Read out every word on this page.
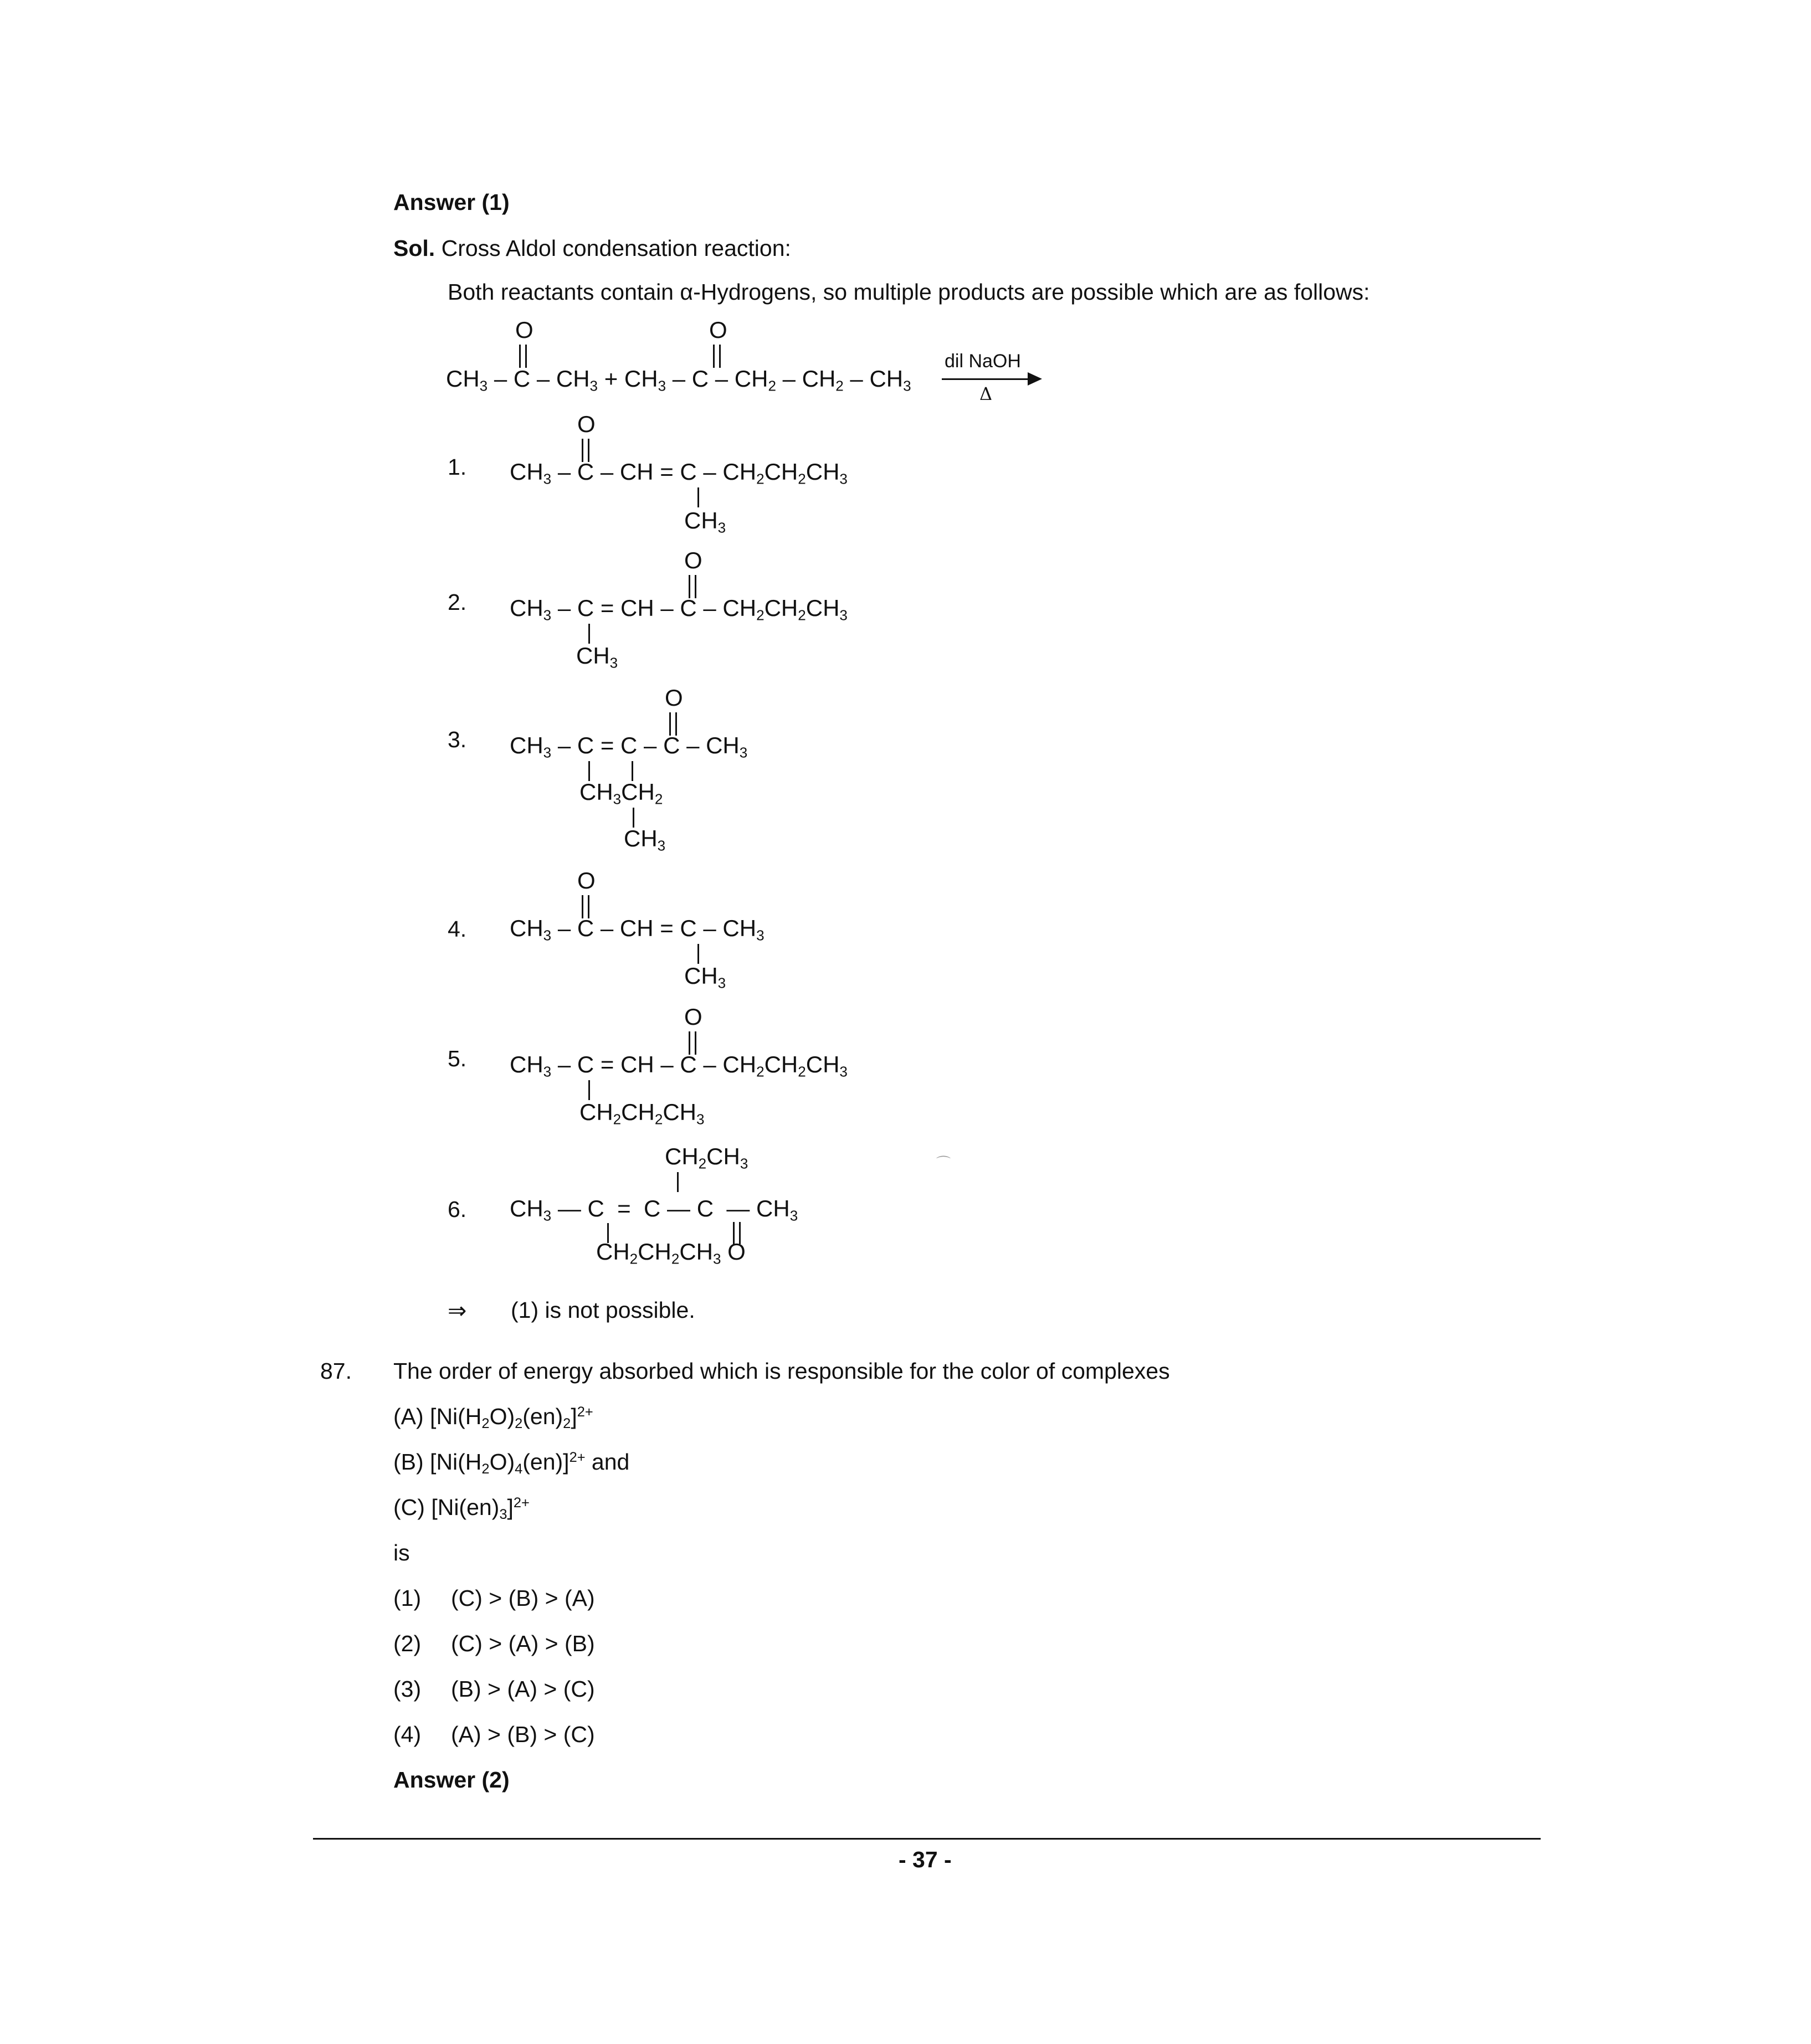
Answer (1)
Sol. Cross Aldol condensation reaction:
Both reactants contain α-Hydrogens, so multiple products are possible which are as follows:
O	O
$CH_3 - C - CH_3 + CH_3 - C - CH_2 - CH_2 - CH_3$
dil NaOH
Δ
1.
O
$CH_3$ – C – CH = C – $CH_2CH_2CH_3$
$CH_3$
2.
O
$CH_3$ – C = CH – C – $CH_2CH_2CH_3$
$CH_3$
3.
O
$CH_3 - C = C - C - CH_3$
$CH_3CH_2$
$CH_3$
4.
O
$CH_3$ – C – CH = C – $CH_3$
$CH_3$
5.
O
$CH_3$ – C = CH – C – $CH_2CH_2CH_3$
$CH_2CH_2CH_3$
6.
$CH_2CH_3$
$CH_3$ — C  =  C — C  — $CH_3$
$CH_2CH_2CH_3$ O
⌒
⇒ (1) is not possible.
87. The order of energy absorbed which is responsible for the color of complexes
(A) $[Ni(H_2O)_2(en)_2]^{2+}$
(B) $[Ni(H_2O)_4(en)]^{2+}$ and
(C) $[Ni(en)_3]^{2+}$
is
(1) (C) > (B) > (A)
(2) (C) > (A) > (B)
(3) (B) > (A) > (C)
(4) (A) > (B) > (C)
Answer (2)
- 37 -
